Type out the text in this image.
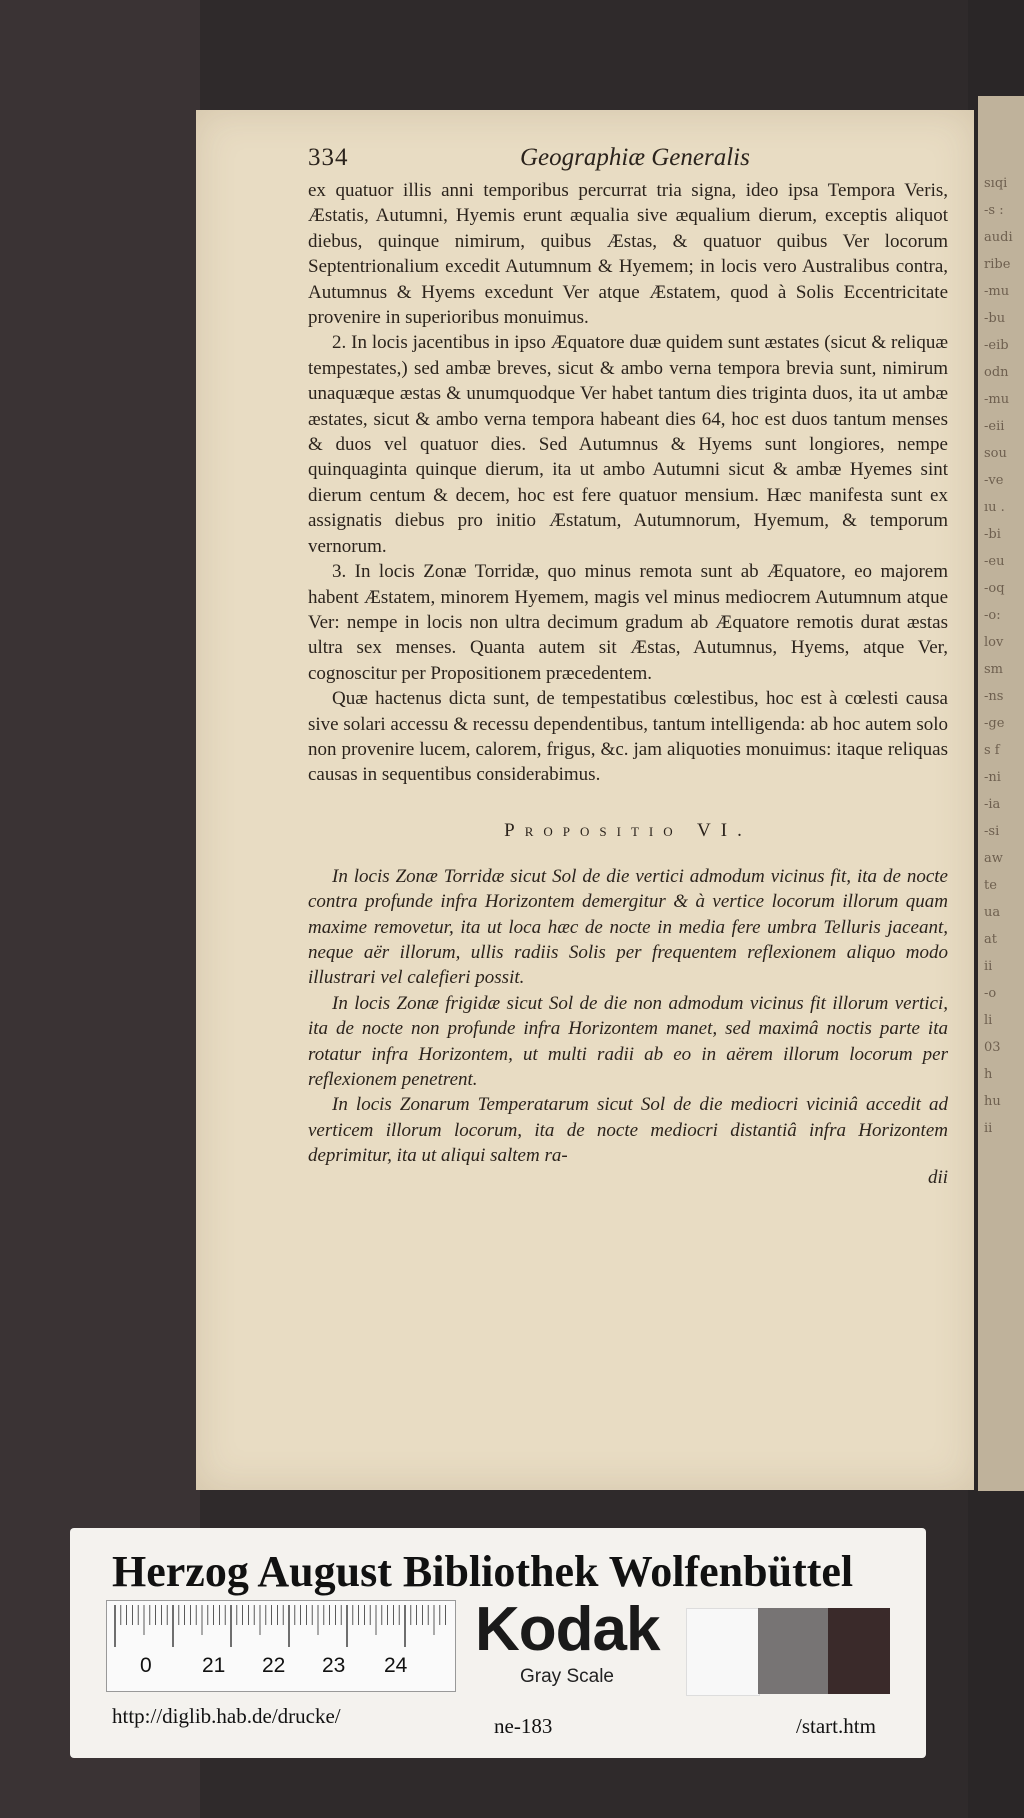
sıqi
-s :
audi
ribe
-mu
-bu
-eib
odn
-mu
-eii
sou
-ve
ıu .
-bi
-eu
-oq
-o:
lov
sm
-ns
-ge
s f
-ni
-ia
-si
aw
te
ua
at
ii
-o
li
03
h
hu
ii
334	Geographiæ Generalis

ex quatuor illis anni temporibus percurrat tria signa, ideo ipsa Tempora Veris, Æstatis, Autumni, Hyemis erunt æqualia sive æqualium dierum, exceptis aliquot diebus, quinque nimirum, quibus Æstas, & quatuor quibus Ver locorum Septentrionalium excedit Autumnum & Hyemem; in locis vero Australibus contra, Autumnus & Hyems excedunt Ver atque Æstatem, quod à Solis Eccentricitate provenire in superioribus monuimus.

2. In locis jacentibus in ipso Æquatore duæ quidem sunt æstates (sicut & reliquæ tempestates,) sed ambæ breves, sicut & ambo verna tempora brevia sunt, nimirum unaquæque æstas & unumquodque Ver habet tantum dies triginta duos, ita ut ambæ æstates, sicut & ambo verna tempora habeant dies 64, hoc est duos tantum menses & duos vel quatuor dies. Sed Autumnus & Hyems sunt longiores, nempe quinquaginta quinque dierum, ita ut ambo Autumni sicut & ambæ Hyemes sint dierum centum & decem, hoc est fere quatuor mensium. Hæc manifesta sunt ex assignatis diebus pro initio Æstatum, Autumnorum, Hyemum, & temporum vernorum.

3. In locis Zonæ Torridæ, quo minus remota sunt ab Æquatore, eo majorem habent Æstatem, minorem Hyemem, magis vel minus mediocrem Autumnum atque Ver: nempe in locis non ultra decimum gradum ab Æquatore remotis durat æstas ultra sex menses. Quanta autem sit Æstas, Autumnus, Hyems, atque Ver, cognoscitur per Propositionem præcedentem.

Quæ hactenus dicta sunt, de tempestatibus cœlestibus, hoc est à cœlesti causa sive solari accessu & recessu dependentibus, tantum intelligenda: ab hoc autem solo non provenire lucem, calorem, frigus, &c. jam aliquoties monuimus: itaque reliquas causas in sequentibus considerabimus.

Propositio VI.

In locis Zonæ Torridæ sicut Sol de die vertici admodum vicinus fit, ita de nocte contra profunde infra Horizontem demergitur & à vertice locorum illorum quam maxime removetur, ita ut loca hæc de nocte in media fere umbra Telluris jaceant, neque aër illorum, ullis radiis Solis per frequentem reflexionem aliquo modo illustrari vel calefieri possit.

In locis Zonæ frigidæ sicut Sol de die non admodum vicinus fit illorum vertici, ita de nocte non profunde infra Horizontem manet, sed maximâ noctis parte ita rotatur infra Horizontem, ut multi radii ab eo in aërem illorum locorum per reflexionem penetrent.

In locis Zonarum Temperatarum sicut Sol de die mediocri viciniâ accedit ad verticem illorum locorum, ita de nocte mediocri distantiâ infra Horizontem deprimitur, ita ut aliqui saltem ra-

dii
Herzog August Bibliothek Wolfenbüttel
0 21 22 23 24
Kodak
Gray Scale
http://diglib.hab.de/drucke/	ne-183	/start.htm
